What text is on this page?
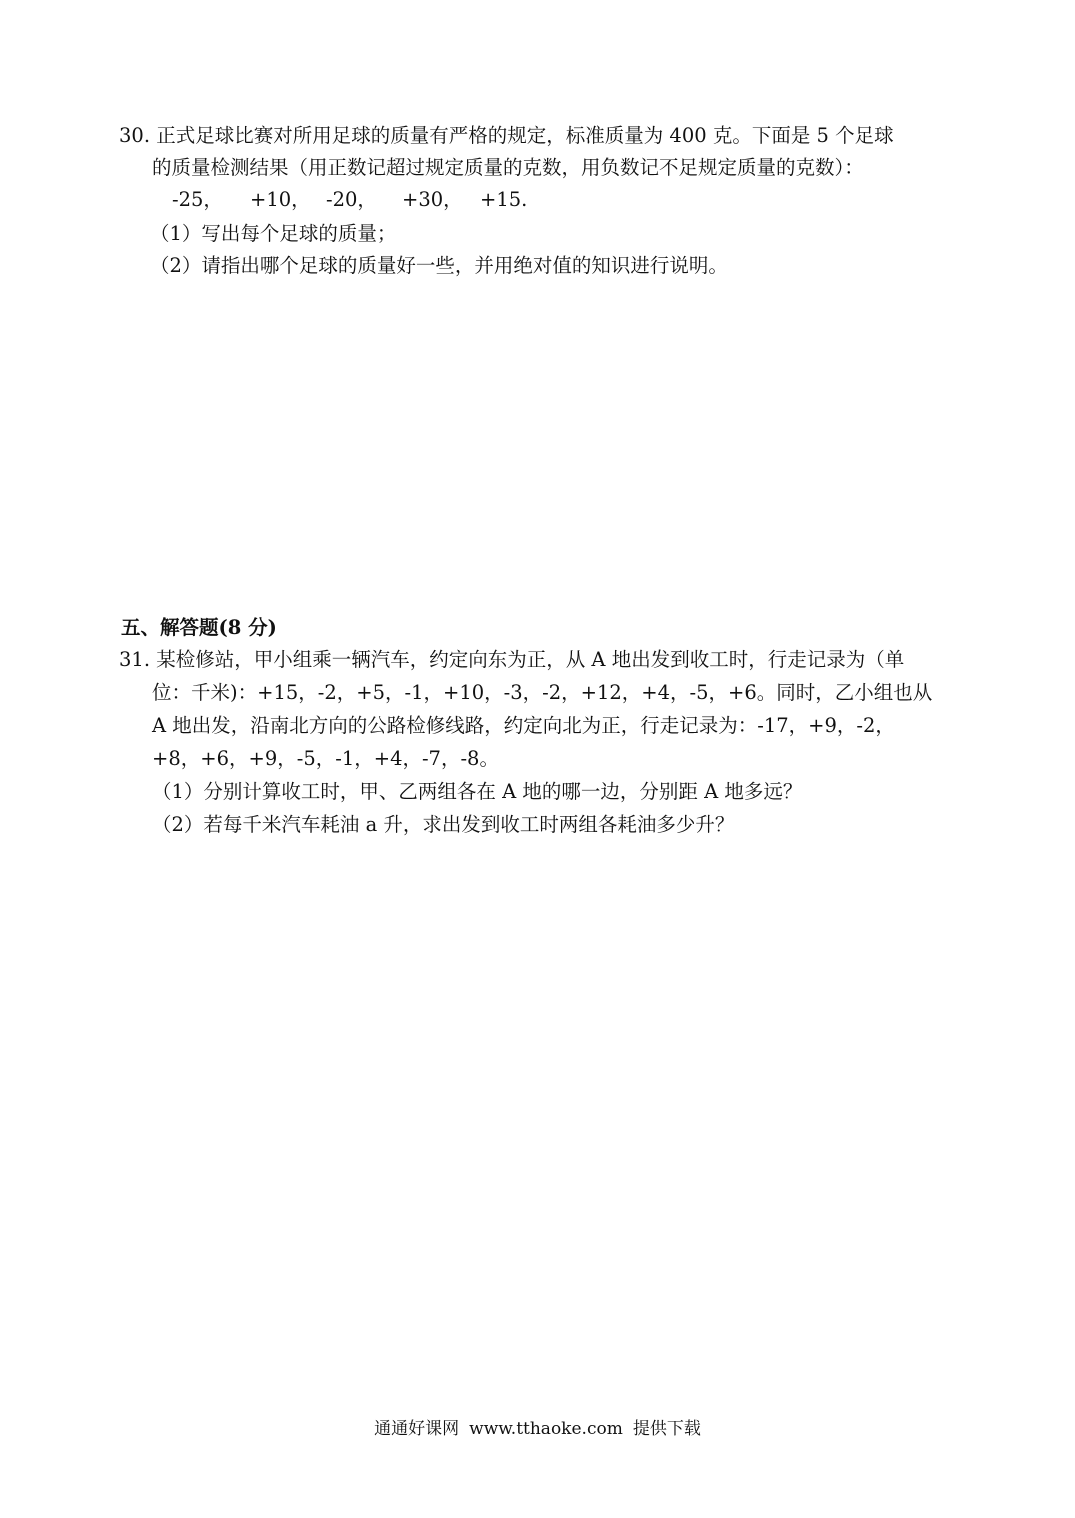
30. 正式足球比赛对所用足球的质量有严格的规定，标准质量为 400 克。下面是 5 个足球
的质量检测结果（用正数记超过规定质量的克数，用负数记不足规定质量的克数）：
-25， +10， -20， +30， +15.
（1）写出每个足球的质量；
（2）请指出哪个足球的质量好一些，并用绝对值的知识进行说明。
五、解答题(8 分)
31. 某检修站，甲小组乘一辆汽车，约定向东为正，从 A 地出发到收工时，行走记录为（单
位：千米)：+15，-2，+5，-1，+10，-3，-2，+12，+4，-5，+6。同时，乙小组也从
A 地出发，沿南北方向的公路检修线路，约定向北为正，行走记录为：-17，+9，-2，
+8，+6，+9，-5，-1，+4，-7，-8。
（1）分别计算收工时，甲、乙两组各在 A 地的哪一边，分别距 A 地多远？
（2）若每千米汽车耗油 a 升，求出发到收工时两组各耗油多少升？
通通好课网 www.tthaoke.com 提供下载
